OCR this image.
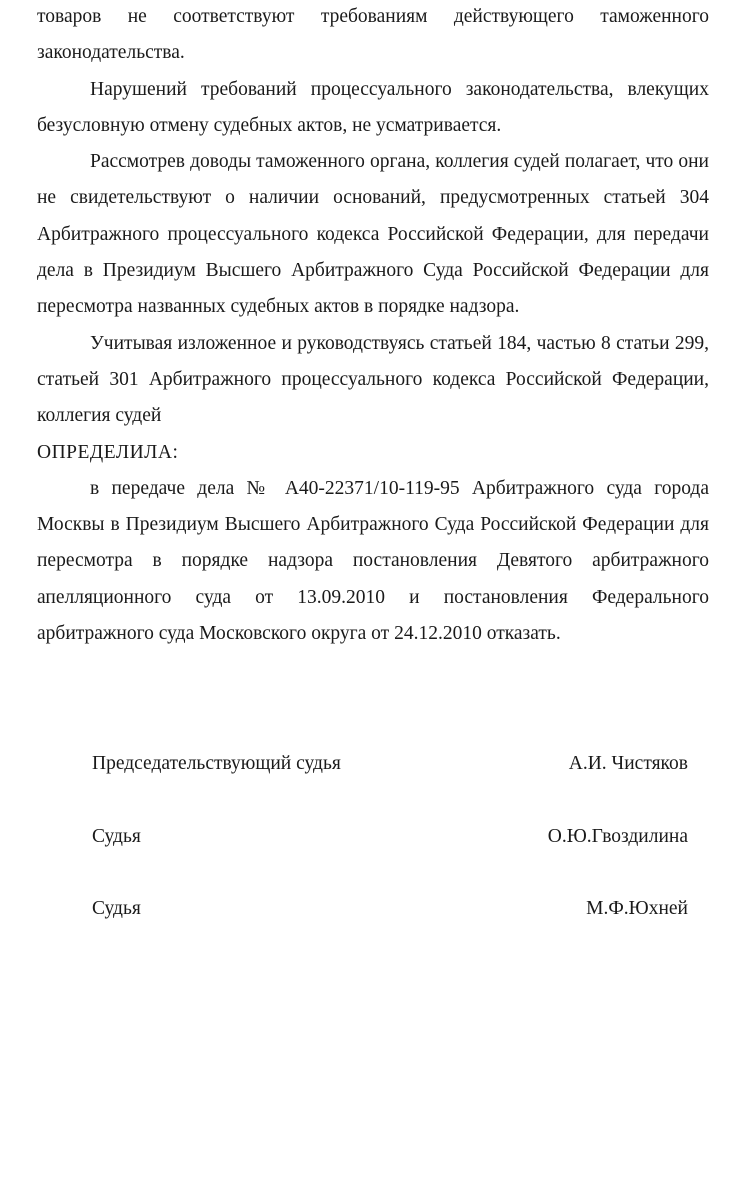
товаров не соответствуют требованиям действующего таможенного законодательства.

Нарушений требований процессуального законодательства, влекущих безусловную отмену судебных актов, не усматривается.

Рассмотрев доводы таможенного органа, коллегия судей полагает, что они не свидетельствуют о наличии оснований, предусмотренных статьей 304 Арбитражного процессуального кодекса Российской Федерации, для передачи дела в Президиум Высшего Арбитражного Суда Российской Федерации для пересмотра названных судебных актов в порядке надзора.

Учитывая изложенное и руководствуясь статьей 184, частью 8 статьи 299, статьей 301 Арбитражного процессуального кодекса Российской Федерации, коллегия судей

ОПРЕДЕЛИЛА:

в передаче дела № А40-22371/10-119-95 Арбитражного суда города Москвы в Президиум Высшего Арбитражного Суда Российской Федерации для пересмотра в порядке надзора постановления Девятого арбитражного апелляционного суда от 13.09.2010 и постановления Федерального арбитражного суда Московского округа от 24.12.2010 отказать.

Председательствующий судья	А.И. Чистяков
Судья	О.Ю.Гвоздилина
Судья	М.Ф.Юхней
